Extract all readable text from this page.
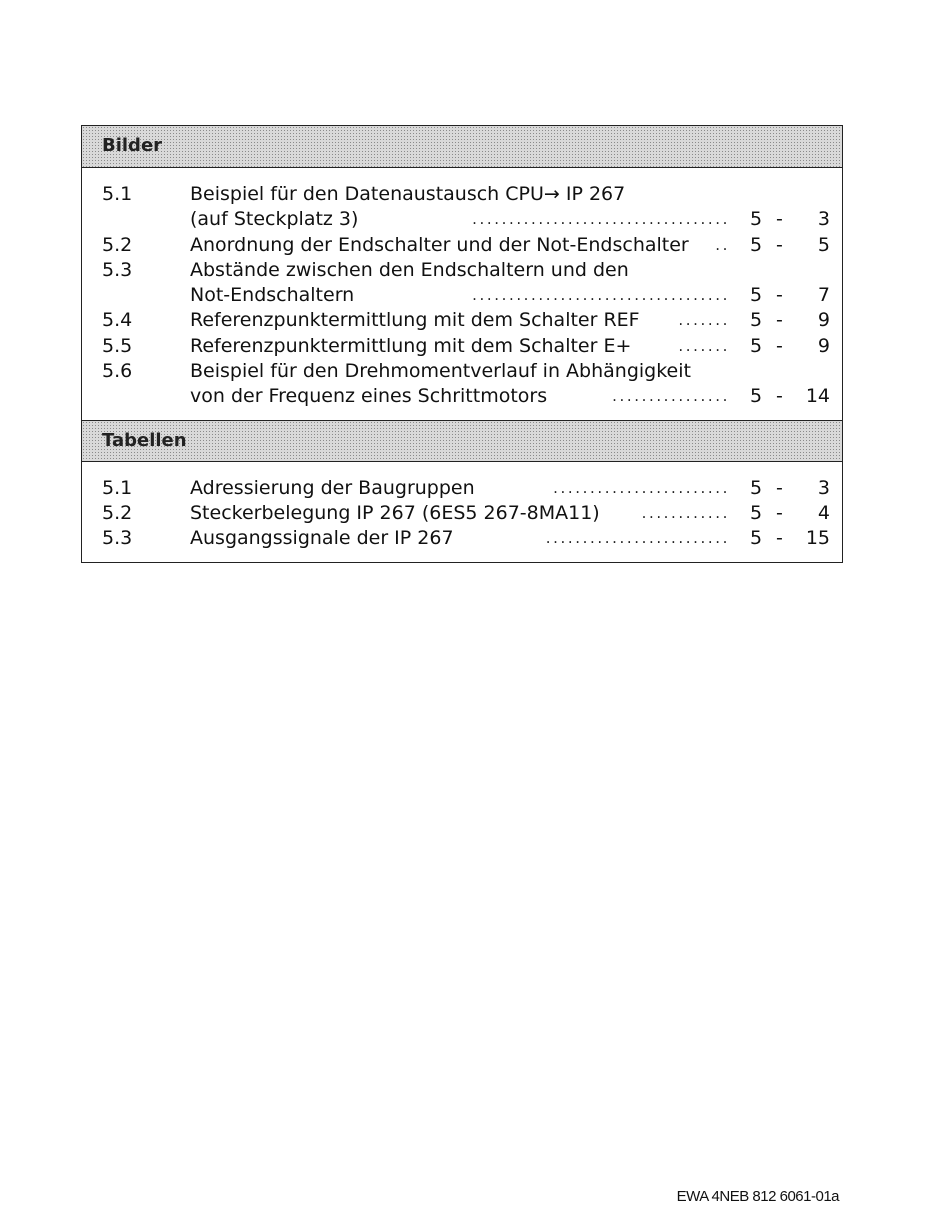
Bilder
5.1	Beispiel für den Datenaustausch CPU→ IP 267
(auf Steckplatz 3)	................................... 5 - 3
5.2	Anordnung der Endschalter und der Not-Endschalter .. 5 - 5
5.3	Abstände zwischen den Endschaltern und den
Not-Endschaltern	................................... 5 - 7
5.4	Referenzpunktermittlung mit dem Schalter REF	....... 5 - 9
5.5	Referenzpunktermittlung mit dem Schalter E+	....... 5 - 9
5.6	Beispiel für den Drehmomentverlauf in Abhängigkeit
von der Frequenz eines Schrittmotors	................ 5 - 14
Tabellen
5.1	Adressierung der Baugruppen	........................ 5 - 3
5.2	Steckerbelegung IP 267 (6ES5 267-8MA11)	............ 5 - 4
5.3	Ausgangssignale der IP 267	......................... 5 - 15
EWA 4NEB 812 6061-01a
